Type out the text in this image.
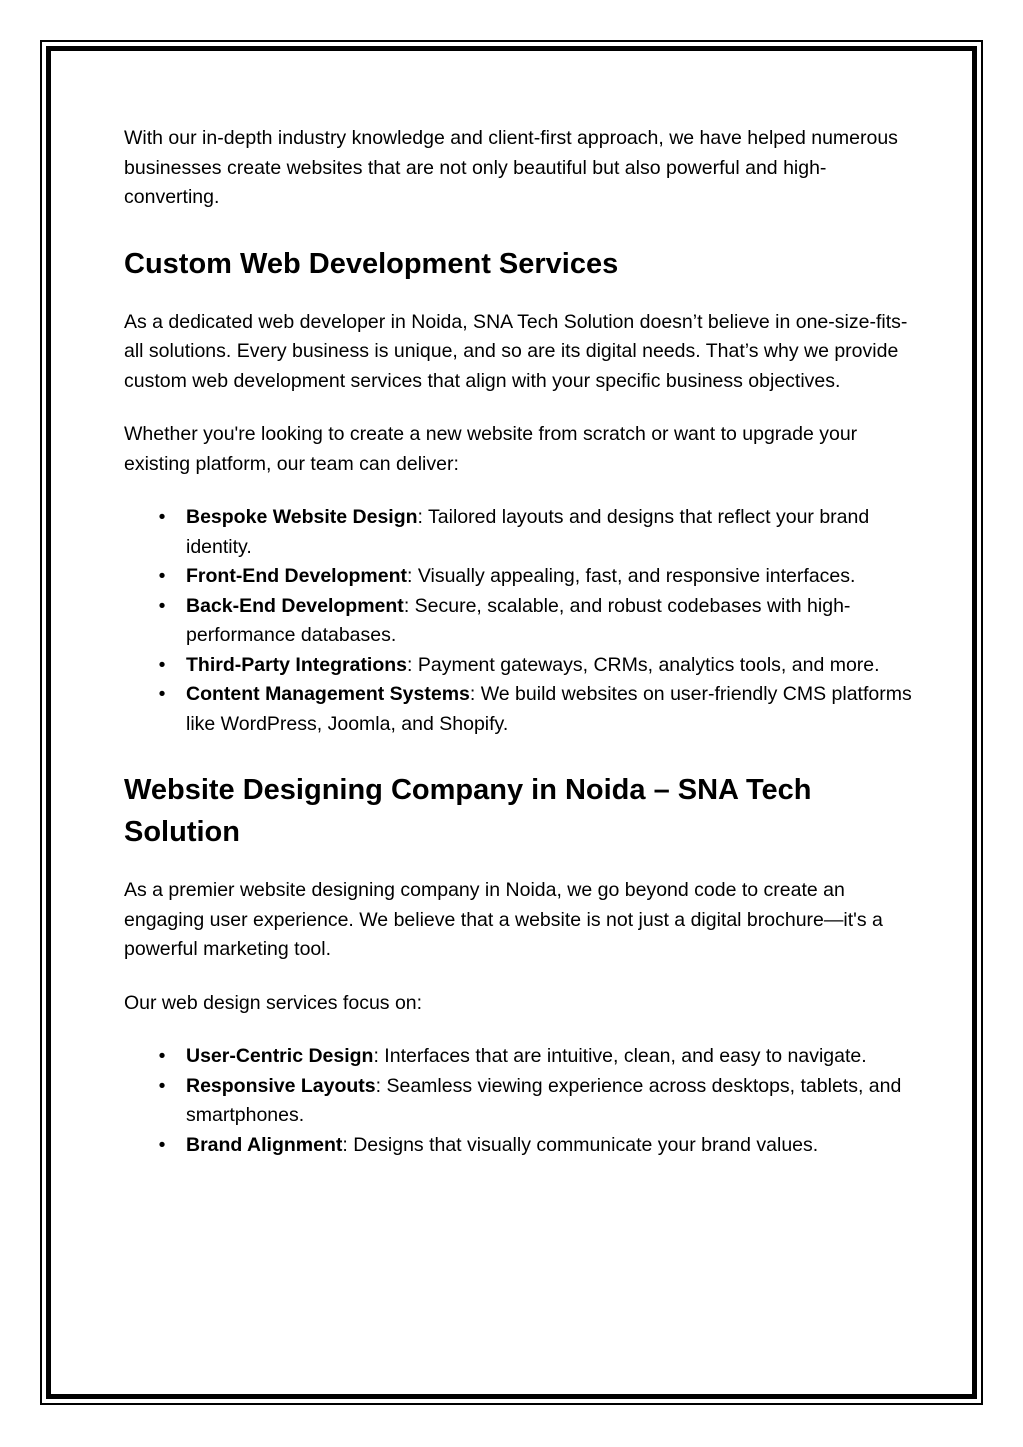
With our in-depth industry knowledge and client-first approach, we have helped numerous businesses create websites that are not only beautiful but also powerful and high-converting.

Custom Web Development Services

As a dedicated web developer in Noida, SNA Tech Solution doesn’t believe in one-size-fits-all solutions. Every business is unique, and so are its digital needs. That’s why we provide custom web development services that align with your specific business objectives.

Whether you're looking to create a new website from scratch or want to upgrade your existing platform, our team can deliver:

• Bespoke Website Design: Tailored layouts and designs that reflect your brand identity.
• Front-End Development: Visually appealing, fast, and responsive interfaces.
• Back-End Development: Secure, scalable, and robust codebases with high-performance databases.
• Third-Party Integrations: Payment gateways, CRMs, analytics tools, and more.
• Content Management Systems: We build websites on user-friendly CMS platforms like WordPress, Joomla, and Shopify.
Website Designing Company in Noida – SNA Tech Solution

As a premier website designing company in Noida, we go beyond code to create an engaging user experience. We believe that a website is not just a digital brochure—it's a powerful marketing tool.

Our web design services focus on:

• User-Centric Design: Interfaces that are intuitive, clean, and easy to navigate.
• Responsive Layouts: Seamless viewing experience across desktops, tablets, and smartphones.
• Brand Alignment: Designs that visually communicate your brand values.
